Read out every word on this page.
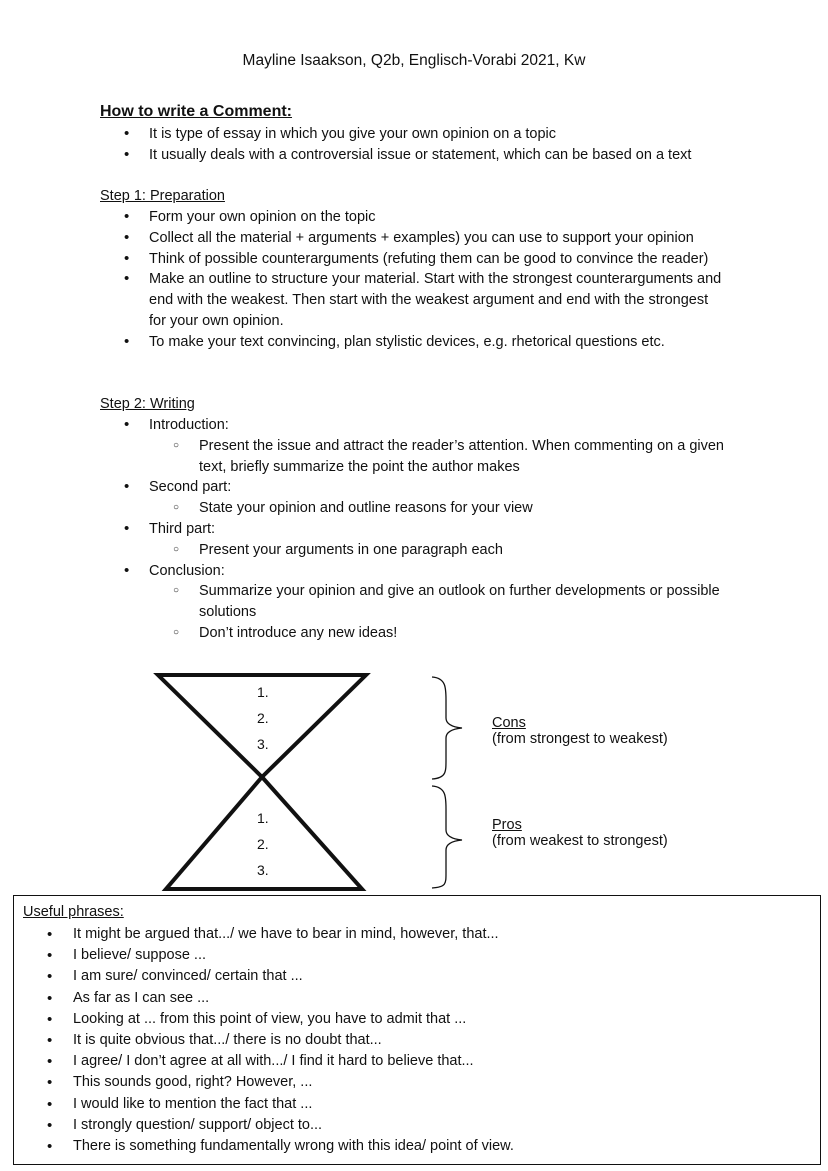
Mayline Isaakson, Q2b, Englisch-Vorabi 2021, Kw
How to write a Comment:
• It is type of essay in which you give your own opinion on a topic
• It usually deals with a controversial issue or statement, which can be based on a text
Step 1: Preparation
• Form your own opinion on the topic
• Collect all the material + arguments + examples) you can use to support your opinion
• Think of possible counterarguments (refuting them can be good to convince the reader)
• Make an outline to structure your material. Start with the strongest counterarguments and end with the weakest. Then start with the weakest argument and end with the strongest for your own opinion.
• To make your text convincing, plan stylistic devices, e.g. rhetorical questions etc.
Step 2: Writing
• Introduction:
○ Present the issue and attract the reader’s attention. When commenting on a given text, briefly summarize the point the author makes
• Second part:
○ State your opinion and outline reasons for your view
• Third part:
○ Present your arguments in one paragraph each
• Conclusion:
○ Summarize your opinion and give an outlook on further developments or possible solutions
○ Don’t introduce any new ideas!
1.
2.
3.
1.
2.
3.
Cons
(from strongest to weakest)
Pros
(from weakest to strongest)
Useful phrases:
• It might be argued that.../ we have to bear in mind, however, that...
• I believe/ suppose ...
• I am sure/ convinced/ certain that ...
• As far as I can see ...
• Looking at ... from this point of view, you have to admit that ...
• It is quite obvious that.../ there is no doubt that...
• I agree/ I don’t agree at all with.../ I find it hard to believe that...
• This sounds good, right? However, ...
• I would like to mention the fact that ...
• I strongly question/ support/ object to...
• There is something fundamentally wrong with this idea/ point of view.
